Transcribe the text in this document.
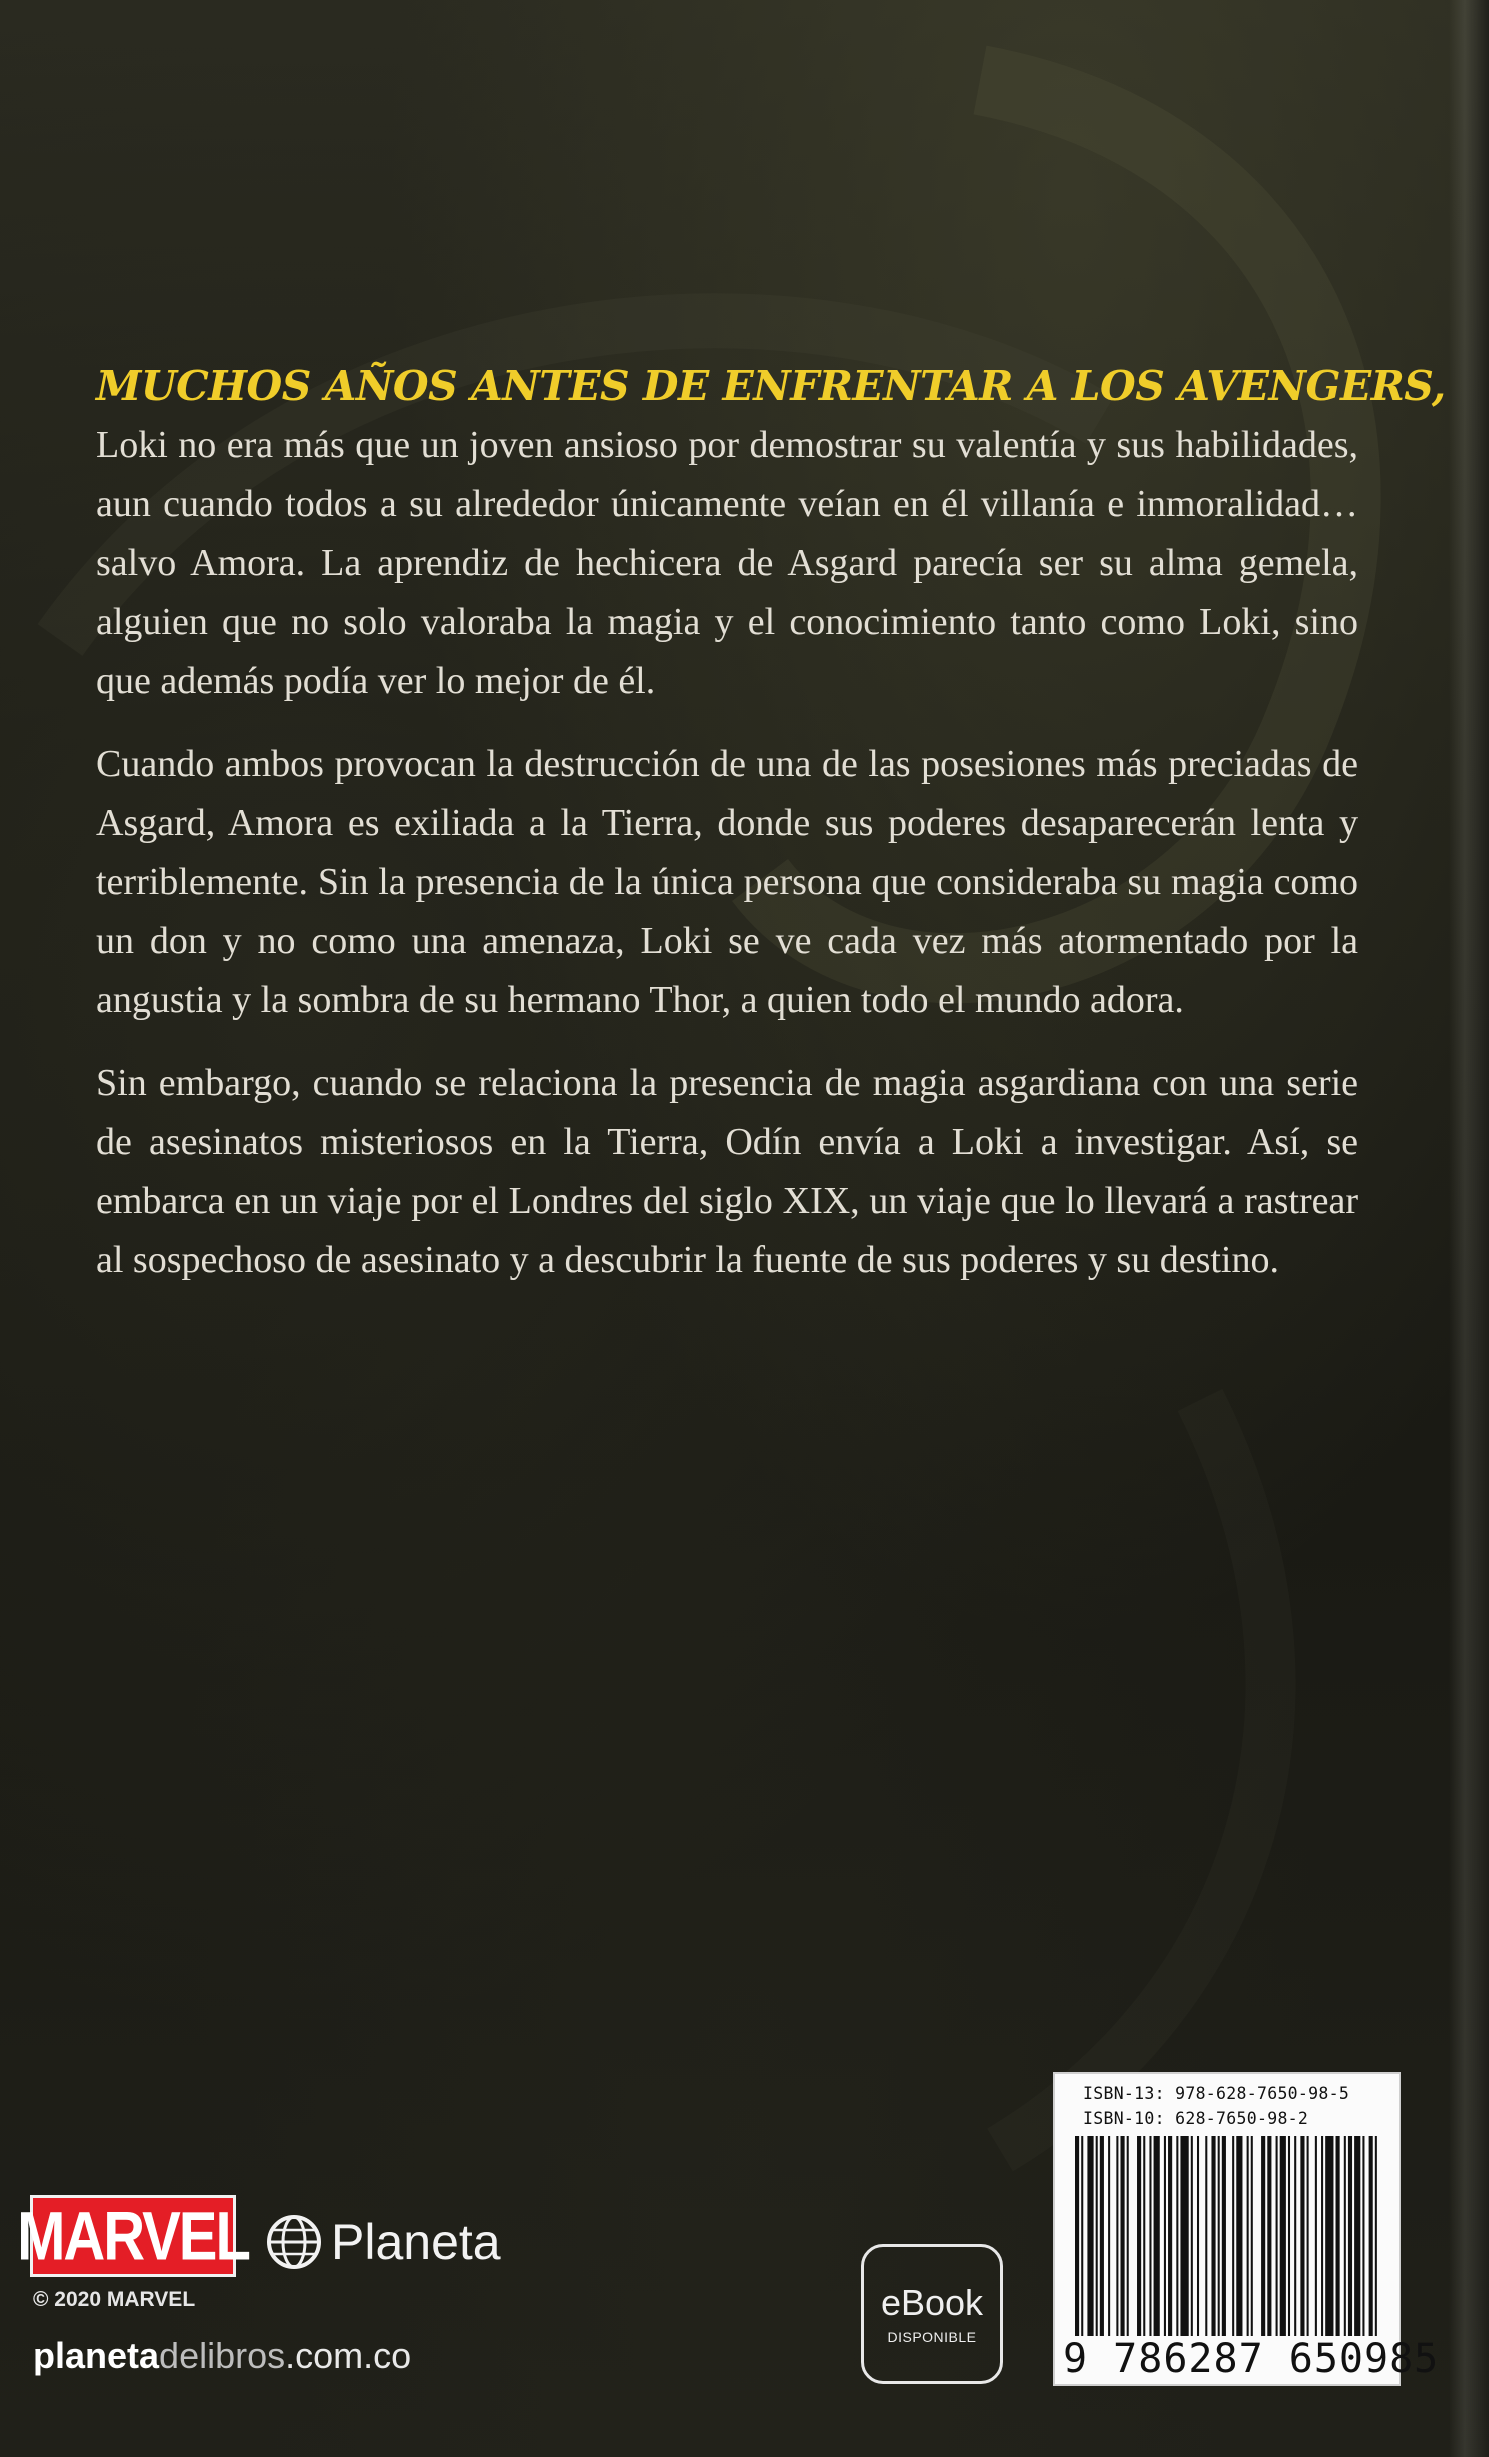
MUCHOS AÑOS ANTES DE ENFRENTAR A LOS AVENGERS,

Loki no era más que un joven ansioso por demostrar su valentía y sus habilidades, aun cuando todos a su alrededor únicamente veían en él villanía e inmoralidad… salvo Amora. La aprendiz de hechicera de Asgard parecía ser su alma gemela, alguien que no solo valoraba la magia y el conocimiento tanto como Loki, sino que además podía ver lo mejor de él.

Cuando ambos provocan la destrucción de una de las posesiones más preciadas de Asgard, Amora es exiliada a la Tierra, donde sus poderes desaparecerán lenta y terriblemente. Sin la presencia de la única persona que consideraba su magia como un don y no como una amenaza, Loki se ve cada vez más atormentado por la angustia y la sombra de su hermano Thor, a quien todo el mundo adora.

Sin embargo, cuando se relaciona la presencia de magia asgardiana con una serie de asesinatos misteriosos en la Tierra, Odín envía a Loki a investigar. Así, se embarca en un viaje por el Londres del siglo XIX, un viaje que lo llevará a rastrear al sospechoso de asesinato y a descubrir la fuente de sus poderes y su destino.

MARVEL Planeta
© 2020 MARVEL
planetadelibros.com.co
eBook
DISPONIBLE
ISBN-13: 978-628-7650-98-5
ISBN-10: 628-7650-98-2
9 786287 650985
